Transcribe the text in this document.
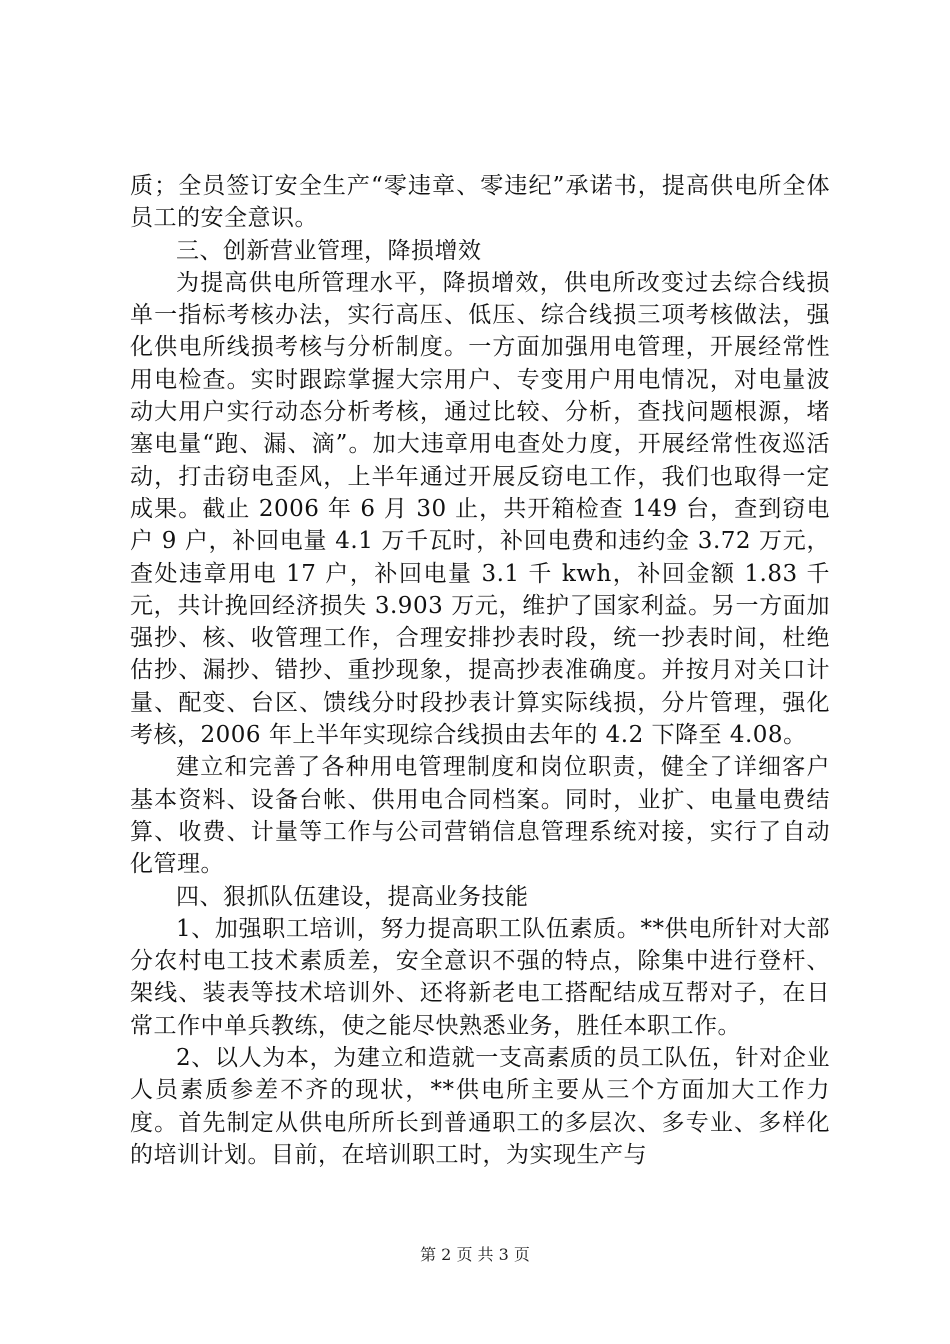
质；全员签订安全生产“零违章、零违纪”承诺书，提高供电所全体员工的安全意识。

三、创新营业管理，降损增效

为提高供电所管理水平，降损增效，供电所改变过去综合线损单一指标考核办法，实行高压、低压、综合线损三项考核做法，强化供电所线损考核与分析制度。一方面加强用电管理，开展经常性用电检查。实时跟踪掌握大宗用户、专变用户用电情况，对电量波动大用户实行动态分析考核，通过比较、分析，查找问题根源，堵塞电量“跑、漏、滴”。加大违章用电查处力度，开展经常性夜巡活动，打击窃电歪风，上半年通过开展反窃电工作，我们也取得一定成果。截止 2006 年 6 月 30 止，共开箱检查 149 台，查到窃电户 9 户，补回电量 4.1 万千瓦时，补回电费和违约金 3.72 万元，查处违章用电 17 户，补回电量 3.1 千 kwh，补回金额 1.83 千元，共计挽回经济损失 3.903 万元，维护了国家利益。另一方面加强抄、核、收管理工作，合理安排抄表时段，统一抄表时间，杜绝估抄、漏抄、错抄、重抄现象，提高抄表准确度。并按月对关口计量、配变、台区、馈线分时段抄表计算实际线损，分片管理，强化考核，2006 年上半年实现综合线损由去年的 4.2 下降至 4.08。

建立和完善了各种用电管理制度和岗位职责，健全了详细客户基本资料、设备台帐、供用电合同档案。同时，业扩、电量电费结算、收费、计量等工作与公司营销信息管理系统对接，实行了自动化管理。

四、狠抓队伍建设，提高业务技能

1、加强职工培训，努力提高职工队伍素质。**供电所针对大部分农村电工技术素质差，安全意识不强的特点，除集中进行登杆、架线、装表等技术培训外、还将新老电工搭配结成互帮对子，在日常工作中单兵教练，使之能尽快熟悉业务，胜任本职工作。

2、以人为本，为建立和造就一支高素质的员工队伍，针对企业人员素质参差不齐的现状，**供电所主要从三个方面加大工作力度。首先制定从供电所所长到普通职工的多层次、多专业、多样化的培训计划。目前，在培训职工时，为实现生产与

第 2 页 共 3 页
